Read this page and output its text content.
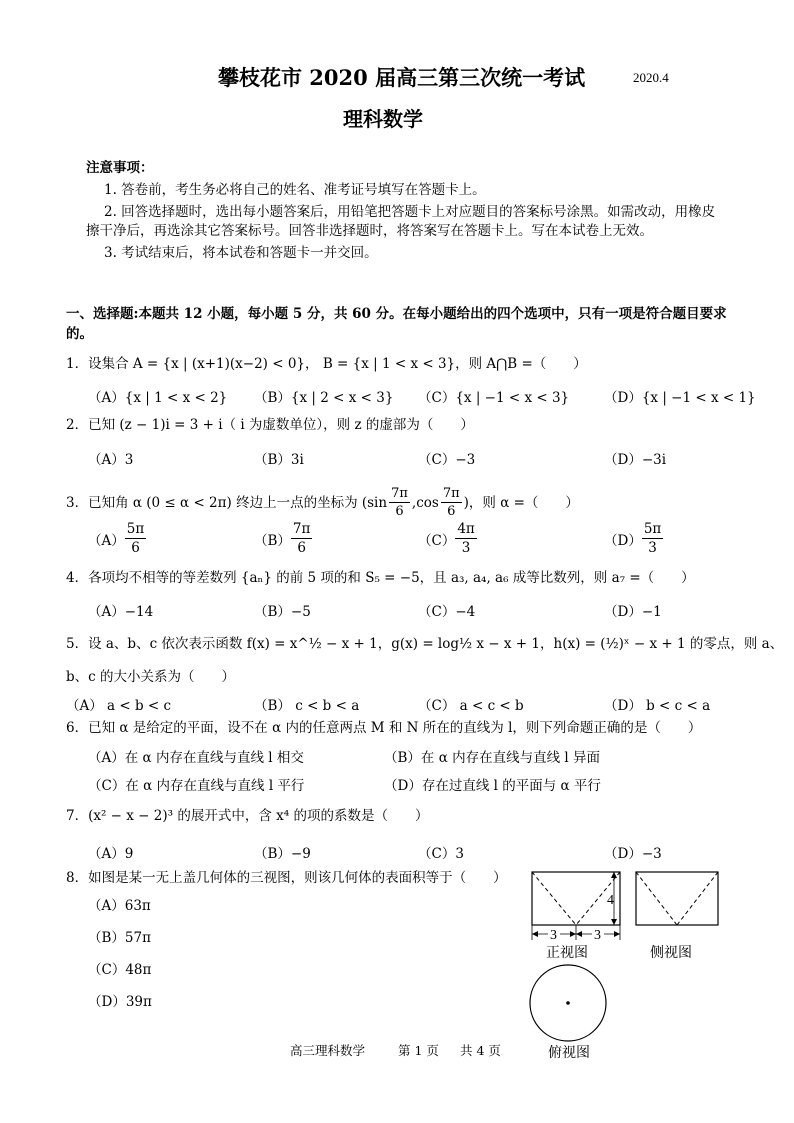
攀枝花市 2020 届高三第三次统一考试	2020.4
理科数学
注意事项：
1. 答卷前，考生务必将自己的姓名、准考证号填写在答题卡上。
2. 回答选择题时，选出每小题答案后，用铅笔把答题卡上对应题目的答案标号涂黑。如需改动，用橡皮
擦干净后，再选涂其它答案标号。回答非选择题时，将答案写在答题卡上。写在本试卷上无效。
3. 考试结束后，将本试卷和答题卡一并交回。
一、选择题:本题共 12 小题，每小题 5 分，共 60 分。在每小题给出的四个选项中，只有一项是符合题目要求
的。
1．设集合 A = {x | (x+1)(x−2) < 0}， B = {x | 1 < x < 3}，则 A⋂B =（　　）
（A）{x | 1 < x < 2} （B）{x | 2 < x < 3} （C）{x | −1 < x < 3}	（D）{x | −1 < x < 1}
2．已知 (z − 1)i = 3 + i（ i 为虚数单位），则 z 的虚部为（　　）
（A）3	（B）3i	（C）−3	（D）−3i
3．已知角 α (0 ≤ α < 2π) 终边上一点的坐标为 ($\sin \frac{7\pi}{6} ,\cos \frac{7\pi}{6}$ )，则 α =（　　）
$(A) \frac{5\pi}{6}$	$(B) \frac{7\pi}{6}$	$(C) \frac{4\pi}{3}$	$(D) \frac{5\pi}{3}$
4．各项均不相等的等差数列 {aₙ} 的前 5 项的和 S₅ = −5，且 a₃, a₄, a₆ 成等比数列，则 a₇ =（　　）
（A）−14	（B）−5	（C）−4	（D）−1
5．设 a、b、c 依次表示函数 f(x) = x^½ − x + 1，g(x) = log½ x − x + 1，h(x) = (½)ˣ − x + 1 的零点，则 a、
b、c 的大小关系为（　　）
（A） a < b < c	（B） c < b < a	（C） a < c < b	（D） b < c < a
6．已知 α 是给定的平面，设不在 α 内的任意两点 M 和 N 所在的直线为 l，则下列命题正确的是（　　）
（A）在 α 内存在直线与直线 l 相交	（B）在 α 内存在直线与直线 l 异面
（C）在 α 内存在直线与直线 l 平行	（D）存在过直线 l 的平面与 α 平行
7．(x² − x − 2)³ 的展开式中，含 x⁴ 的项的系数是（　　）
（A）9	（B）−9	（C）3	（D）−3
8．如图是某一无上盖几何体的三视图，则该几何体的表面积等于（　　）
（A）63π
（B）57π
（C）48π
（D）39π
4
3	3
正视图	侧视图
俯视图
高三理科数学	第 1 页 共 4 页
